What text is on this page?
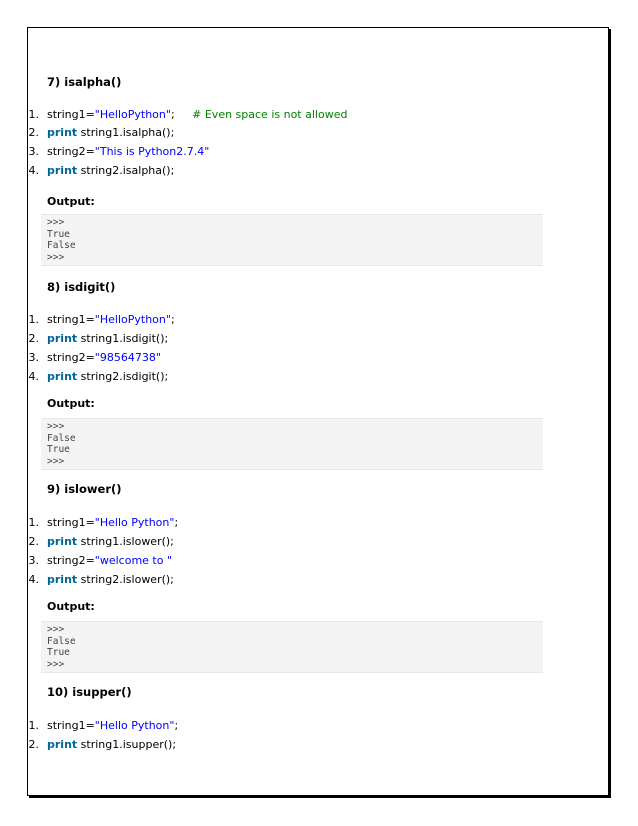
7) isalpha()
1. string1="HelloPython";     # Even space is not allowed
2. print string1.isalpha();
3. string2="This is Python2.7.4"
4. print string2.isalpha();
Output:
>>>
True
False
>>>
8) isdigit()
1. string1="HelloPython";
2. print string1.isdigit();
3. string2="98564738"
4. print string2.isdigit();
Output:
>>>
False
True
>>>
9) islower()
1. string1="Hello Python";
2. print string1.islower();
3. string2="welcome to "
4. print string2.islower();
Output:
>>>
False
True
>>>
10) isupper()
1. string1="Hello Python";
2. print string1.isupper();
